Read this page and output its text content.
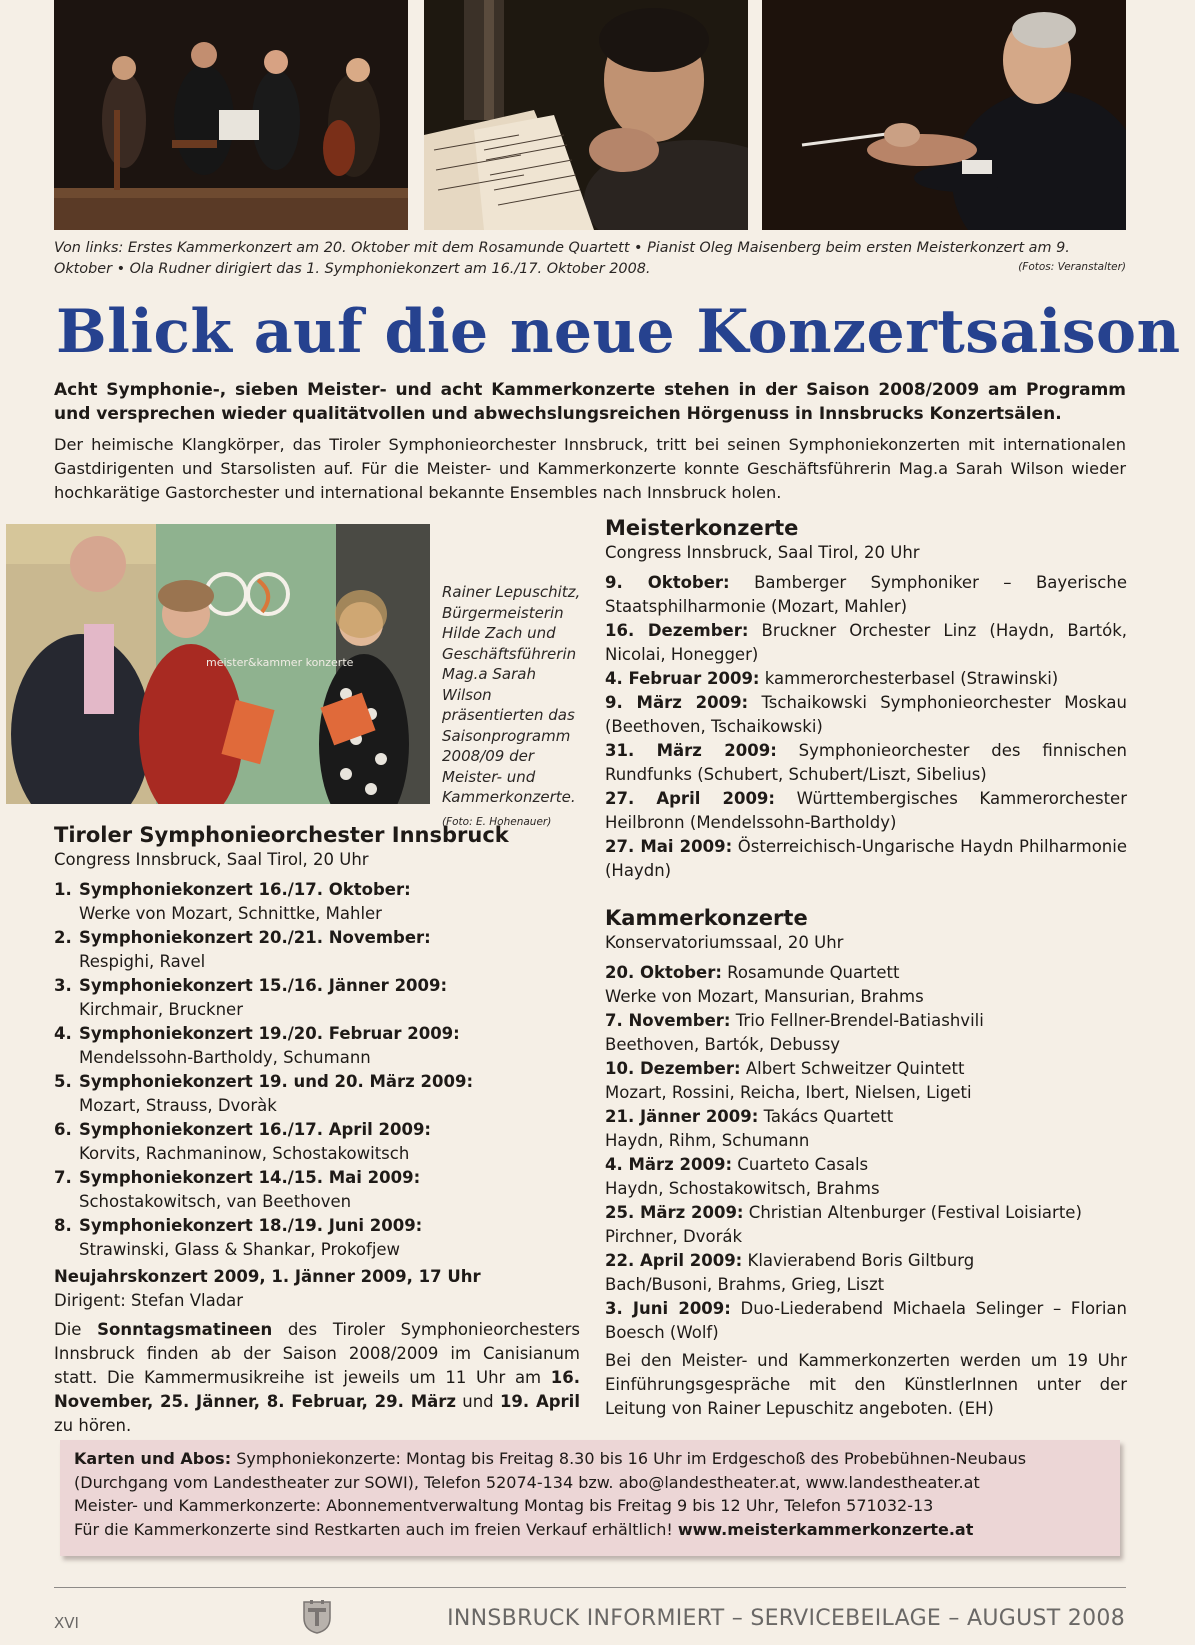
Von links: Erstes Kammerkonzert am 20. Oktober mit dem Rosamunde Quartett • Pianist Oleg Maisenberg beim ersten Meisterkonzert am 9. Oktober • Ola Rudner dirigiert das 1. Symphoniekonzert am 16./17. Oktober 2008.	(Fotos: Veranstalter)
Blick auf die neue Konzertsaison
Acht Symphonie-, sieben Meister- und acht Kammerkonzerte stehen in der Saison 2008/2009 am Programm und versprechen wieder qualitätvollen und abwechslungsreichen Hörgenuss in Innsbrucks Konzertsälen.
Der heimische Klangkörper, das Tiroler Symphonieorchester Innsbruck, tritt bei seinen Symphoniekonzerten mit internationalen Gastdirigenten und Starsolisten auf. Für die Meister- und Kammerkonzerte konnte Geschäftsführerin Mag.a Sarah Wilson wieder hochkarätige Gastorchester und international bekannte Ensembles nach Innsbruck holen.
meister&kammer konzerte
Rainer Lepuschitz, Bürgermeisterin Hilde Zach und Geschäftsführerin Mag.a Sarah Wilson präsentierten das Saisonprogramm 2008/09 der Meister- und Kammerkonzerte.
(Foto: E. Hohenauer)
Tiroler Symphonieorchester Innsbruck
Congress Innsbruck, Saal Tirol, 20 Uhr
1. Symphoniekonzert 16./17. Oktober:
Werke von Mozart, Schnittke, Mahler
2. Symphoniekonzert 20./21. November:
Respighi, Ravel
3. Symphoniekonzert 15./16. Jänner 2009:
Kirchmair, Bruckner
4. Symphoniekonzert 19./20. Februar 2009:
Mendelssohn-Bartholdy, Schumann
5. Symphoniekonzert 19. und 20. März 2009:
Mozart, Strauss, Dvoràk
6. Symphoniekonzert 16./17. April 2009:
Korvits, Rachmaninow, Schostakowitsch
7. Symphoniekonzert 14./15. Mai 2009:
Schostakowitsch, van Beethoven
8. Symphoniekonzert 18./19. Juni 2009:
Strawinski, Glass & Shankar, Prokofjew
Neujahrskonzert 2009, 1. Jänner 2009, 17 Uhr
Dirigent: Stefan Vladar
Die Sonntagsmatineen des Tiroler Symphonieorchesters Innsbruck finden ab der Saison 2008/2009 im Canisianum statt. Die Kammermusikreihe ist jeweils um 11 Uhr am 16. November, 25. Jänner, 8. Februar, 29. März und 19. April zu hören.
Meisterkonzerte
Congress Innsbruck, Saal Tirol, 20 Uhr
9. Oktober: Bamberger Symphoniker – Bayerische Staatsphilharmonie (Mozart, Mahler)
16. Dezember: Bruckner Orchester Linz (Haydn, Bartók, Nicolai, Honegger)
4. Februar 2009: kammerorchesterbasel (Strawinski)
9. März 2009: Tschaikowski Symphonieorchester Moskau (Beethoven, Tschaikowski)
31. März 2009: Symphonieorchester des finnischen Rundfunks (Schubert, Schubert/Liszt, Sibelius)
27. April 2009: Württembergisches Kammerorchester Heilbronn (Mendelssohn-Bartholdy)
27. Mai 2009: Österreichisch-Ungarische Haydn Philharmonie (Haydn)
Kammerkonzerte
Konservatoriumssaal, 20 Uhr
20. Oktober: Rosamunde Quartett
Werke von Mozart, Mansurian, Brahms
7. November: Trio Fellner-Brendel-Batiashvili
Beethoven, Bartók, Debussy
10. Dezember: Albert Schweitzer Quintett
Mozart, Rossini, Reicha, Ibert, Nielsen, Ligeti
21. Jänner 2009: Takács Quartett
Haydn, Rihm, Schumann
4. März 2009: Cuarteto Casals
Haydn, Schostakowitsch, Brahms
25. März 2009: Christian Altenburger (Festival Loisiarte)
Pirchner, Dvorák
22. April 2009: Klavierabend Boris Giltburg
Bach/Busoni, Brahms, Grieg, Liszt
3. Juni 2009: Duo-Liederabend Michaela Selinger – Florian Boesch (Wolf)
Bei den Meister- und Kammerkonzerten werden um 19 Uhr Einführungsgespräche mit den KünstlerInnen unter der Leitung von Rainer Lepuschitz angeboten. (EH)
Karten und Abos: Symphoniekonzerte: Montag bis Freitag 8.30 bis 16 Uhr im Erdgeschoß des Probebühnen-Neubaus (Durchgang vom Landestheater zur SOWI), Telefon 52074-134 bzw. abo@landestheater.at, www.landestheater.at
Meister- und Kammerkonzerte: Abonnementverwaltung Montag bis Freitag 9 bis 12 Uhr, Telefon 571032-13
Für die Kammerkonzerte sind Restkarten auch im freien Verkauf erhältlich! www.meisterkammerkonzerte.at
XVI	INNSBRUCK INFORMIERT – SERVICEBEILAGE – AUGUST 2008
